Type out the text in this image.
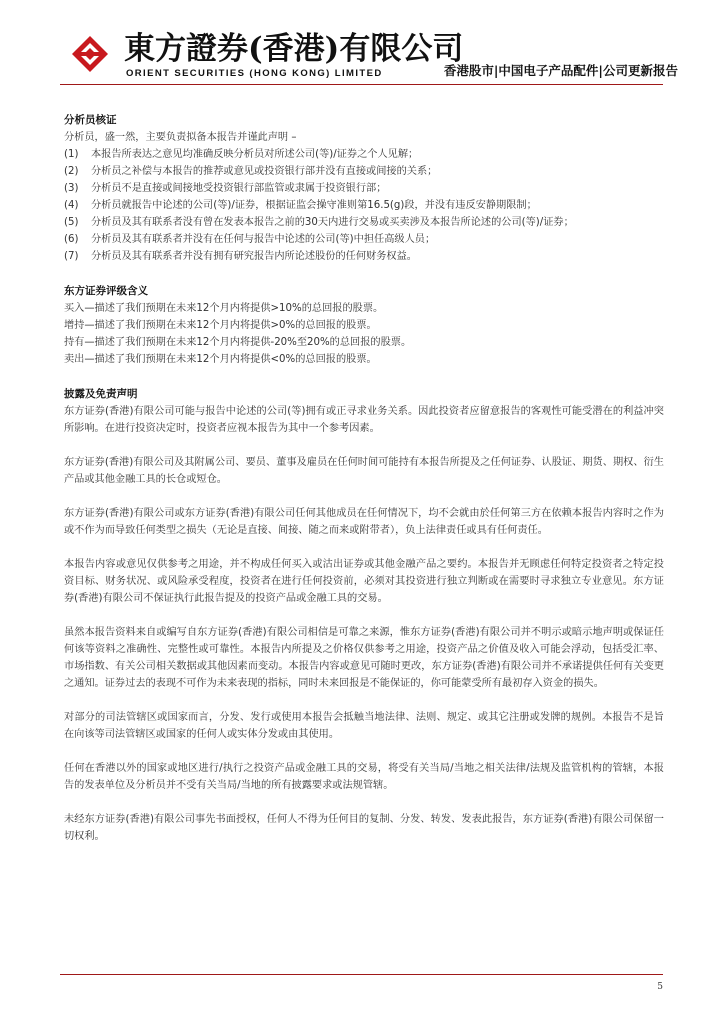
東方證券(香港)有限公司
ORIENT SECURITIES (HONG KONG) LIMITED	香港股市|中国电子产品配件|公司更新报告

分析员核证

分析员，盛一然，主要负责拟备本报告并谨此声明 –

(1)	本报告所表达之意见均准确反映分析员对所述公司(等)/证券之个人见解；
(2)	分析员之补偿与本报告的推荐或意见或投资银行部并没有直接或间接的关系；
(3)	分析员不是直接或间接地受投资银行部监管或隶属于投资银行部；
(4)	分析员就报告中论述的公司(等)/证券，根据证监会操守准则第16.5(g)段，并没有违反安静期限制；
(5)	分析员及其有联系者没有曾在发表本报告之前的30天内进行交易或买卖涉及本报告所论述的公司(等)/证券；
(6)	分析员及其有联系者并没有在任何与报告中论述的公司(等)中担任高级人员；
(7)	分析员及其有联系者并没有拥有研究报告内所论述股份的任何财务权益。

东方证券评级含义

买入—描述了我们预期在未来12个月内将提供>10%的总回报的股票。

增持—描述了我们预期在未来12个月内将提供>0%的总回报的股票。

持有—描述了我们预期在未来12个月内将提供-20%至20%的总回报的股票。

卖出—描述了我们预期在未来12个月内将提供<0%的总回报的股票。

披露及免责声明

东方证券(香港)有限公司可能与报告中论述的公司(等)拥有或正寻求业务关系。因此投资者应留意报告的客观性可能受潜在的利益冲突所影响。在进行投资决定时，投资者应视本报告为其中一个参考因素。

东方证券(香港)有限公司及其附属公司、要员、董事及雇员在任何时间可能持有本报告所提及之任何证券、认股证、期货、期权、衍生产品或其他金融工具的长仓或短仓。

东方证券(香港)有限公司或东方证券(香港)有限公司任何其他成员在任何情况下，均不会就由於任何第三方在依赖本报告内容时之作为或不作为而导致任何类型之损失（无论是直接、间接、随之而来或附带者），负上法律责任或具有任何责任。

本报告内容或意见仅供参考之用途，并不构成任何买入或沽出证券或其他金融产品之要约。本报告并无顾虑任何特定投资者之特定投资目标、财务状况、或风险承受程度，投资者在进行任何投资前，必须对其投资进行独立判断或在需要时寻求独立专业意见。东方证券(香港)有限公司不保证执行此报告提及的投资产品或金融工具的交易。

虽然本报告资料来自或编写自东方证券(香港)有限公司相信是可靠之来源，惟东方证券(香港)有限公司并不明示或暗示地声明或保证任何该等资料之准确性、完整性或可靠性。本报告内所提及之价格仅供参考之用途，投资产品之价值及收入可能会浮动，包括受汇率、市场指数、有关公司相关数据或其他因素而变动。本报告内容或意见可随时更改，东方证券(香港)有限公司并不承诺提供任何有关变更之通知。证券过去的表现不可作为未来表现的指标，同时未来回报是不能保证的，你可能蒙受所有最初存入资金的损失。

对部分的司法管辖区或国家而言，分发、发行或使用本报告会抵触当地法律、法则、规定、或其它注册或发牌的规例。本报告不是旨在向该等司法管辖区或国家的任何人或实体分发或由其使用。

任何在香港以外的国家或地区进行/执行之投资产品或金融工具的交易，将受有关当局/当地之相关法律/法规及监管机构的管辖，本报告的发表单位及分析员并不受有关当局/当地的所有披露要求或法规管辖。

未经东方证券(香港)有限公司事先书面授权，任何人不得为任何目的复制、分发、转发、发表此报告，东方证券(香港)有限公司保留一切权利。

5
